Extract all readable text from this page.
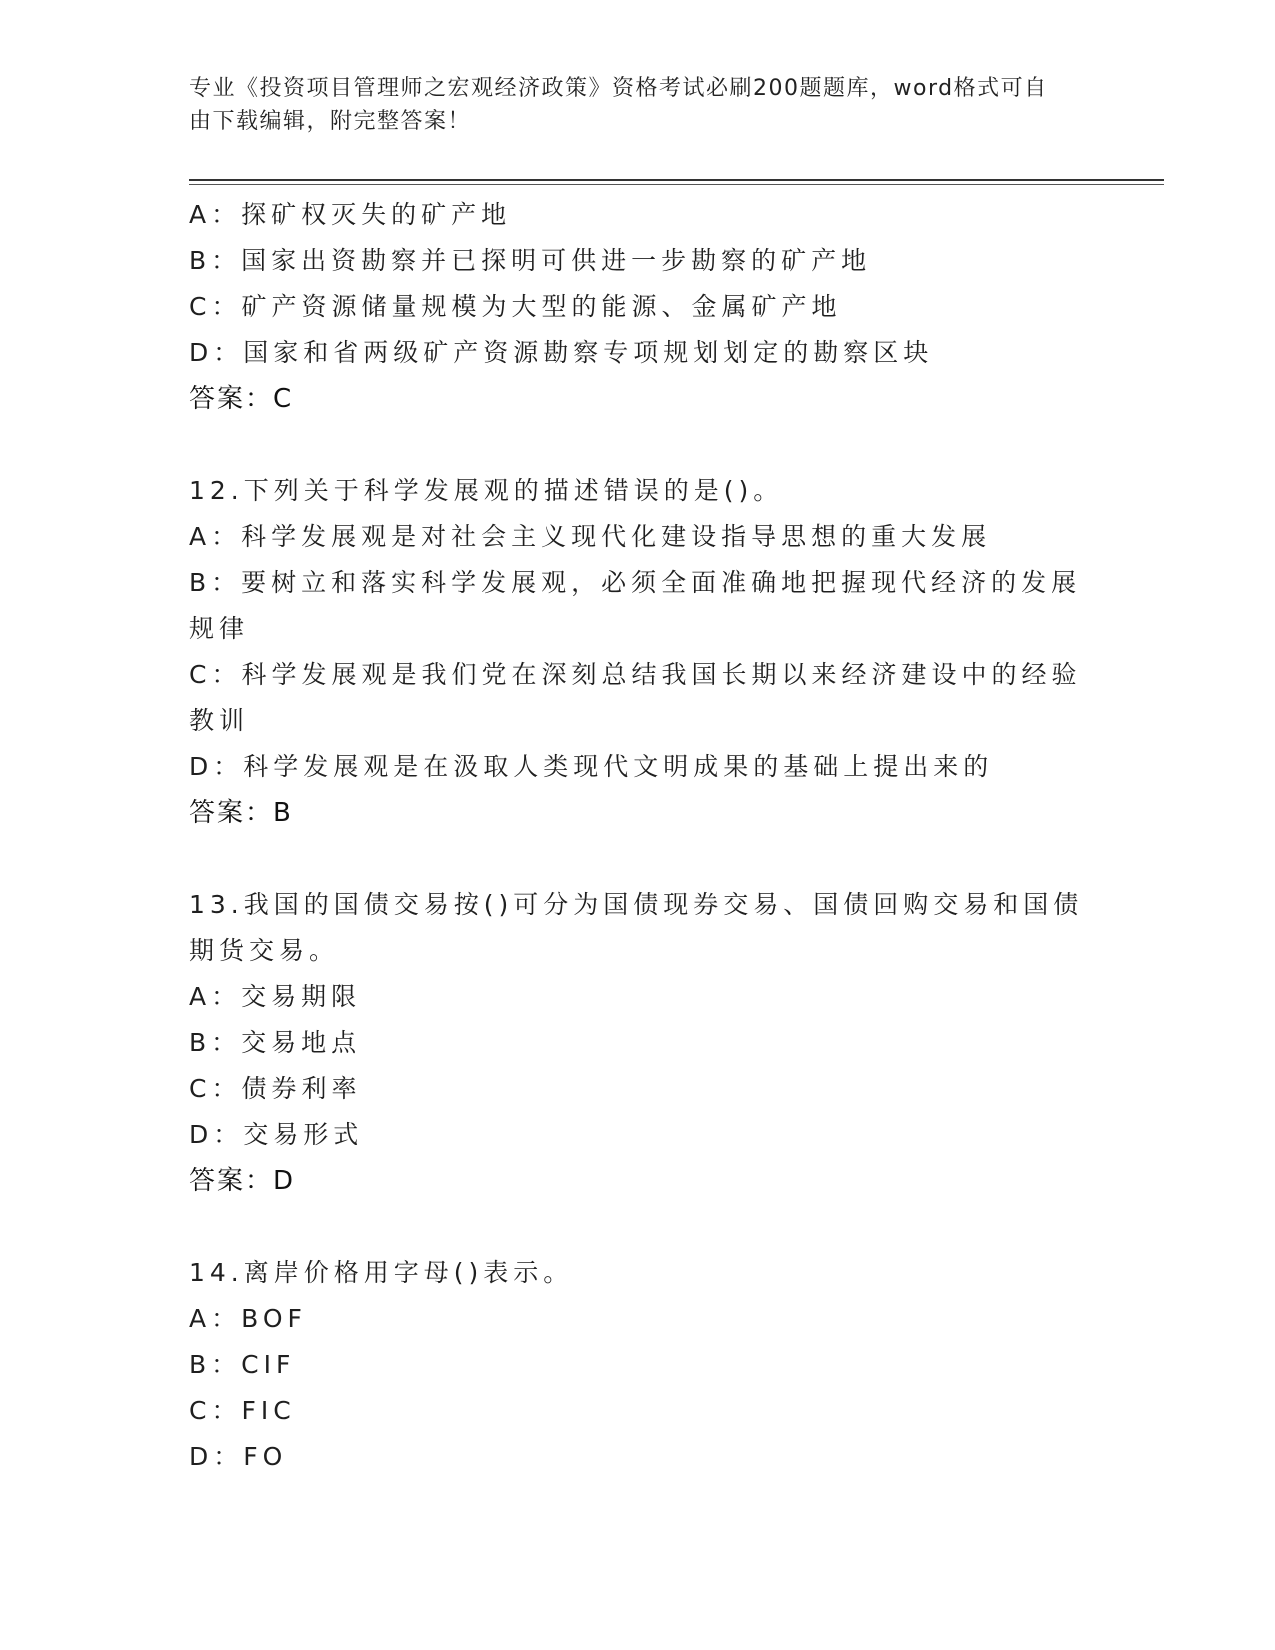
专业《投资项目管理师之宏观经济政策》资格考试必刷200题题库，word格式可自由下载编辑，附完整答案！
A：探矿权灭失的矿产地
B：国家出资勘察并已探明可供进一步勘察的矿产地
C：矿产资源储量规模为大型的能源、金属矿产地
D：国家和省两级矿产资源勘察专项规划划定的勘察区块
答案：C
12.下列关于科学发展观的描述错误的是()。
A：科学发展观是对社会主义现代化建设指导思想的重大发展
B：要树立和落实科学发展观，必须全面准确地把握现代经济的发展规律
C：科学发展观是我们党在深刻总结我国长期以来经济建设中的经验教训
D：科学发展观是在汲取人类现代文明成果的基础上提出来的
答案：B
13.我国的国债交易按()可分为国债现券交易、国债回购交易和国债期货交易。
A：交易期限
B：交易地点
C：债券利率
D：交易形式
答案：D
14.离岸价格用字母()表示。
A：BOF
B：CIF
C：FIC
D：FO
